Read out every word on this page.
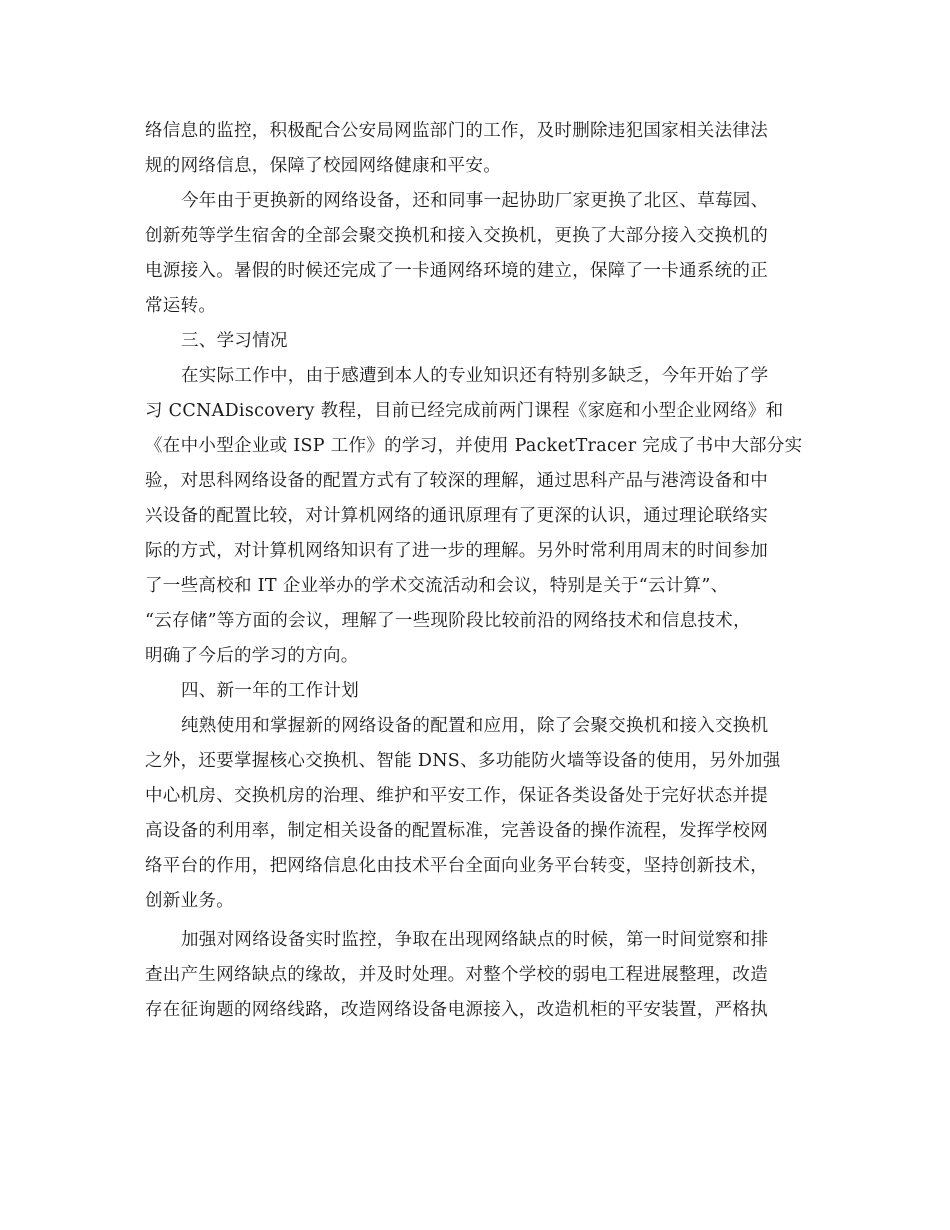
络信息的监控，积极配合公安局网监部门的工作，及时删除违犯国家相关法律法
规的网络信息，保障了校园网络健康和平安。
今年由于更换新的网络设备，还和同事一起协助厂家更换了北区、草莓园、
创新苑等学生宿舍的全部会聚交换机和接入交换机，更换了大部分接入交换机的
电源接入。暑假的时候还完成了一卡通网络环境的建立，保障了一卡通系统的正
常运转。
三、学习情况
在实际工作中，由于感遭到本人的专业知识还有特别多缺乏，今年开始了学
习 CCNADiscovery 教程，目前已经完成前两门课程《家庭和小型企业网络》和
《在中小型企业或 ISP 工作》的学习，并使用 PacketTracer 完成了书中大部分实
验，对思科网络设备的配置方式有了较深的理解，通过思科产品与港湾设备和中
兴设备的配置比较，对计算机网络的通讯原理有了更深的认识，通过理论联络实
际的方式，对计算机网络知识有了进一步的理解。另外时常利用周末的时间参加
了一些高校和 IT 企业举办的学术交流活动和会议，特别是关于“云计算”、
“云存储”等方面的会议，理解了一些现阶段比较前沿的网络技术和信息技术，
明确了今后的学习的方向。
四、新一年的工作计划
纯熟使用和掌握新的网络设备的配置和应用，除了会聚交换机和接入交换机
之外，还要掌握核心交换机、智能 DNS、多功能防火墙等设备的使用，另外加强
中心机房、交换机房的治理、维护和平安工作，保证各类设备处于完好状态并提
高设备的利用率，制定相关设备的配置标准，完善设备的操作流程，发挥学校网
络平台的作用，把网络信息化由技术平台全面向业务平台转变，坚持创新技术，
创新业务。
加强对网络设备实时监控，争取在出现网络缺点的时候，第一时间觉察和排
查出产生网络缺点的缘故，并及时处理。对整个学校的弱电工程进展整理，改造
存在征询题的网络线路，改造网络设备电源接入，改造机柜的平安装置，严格执
